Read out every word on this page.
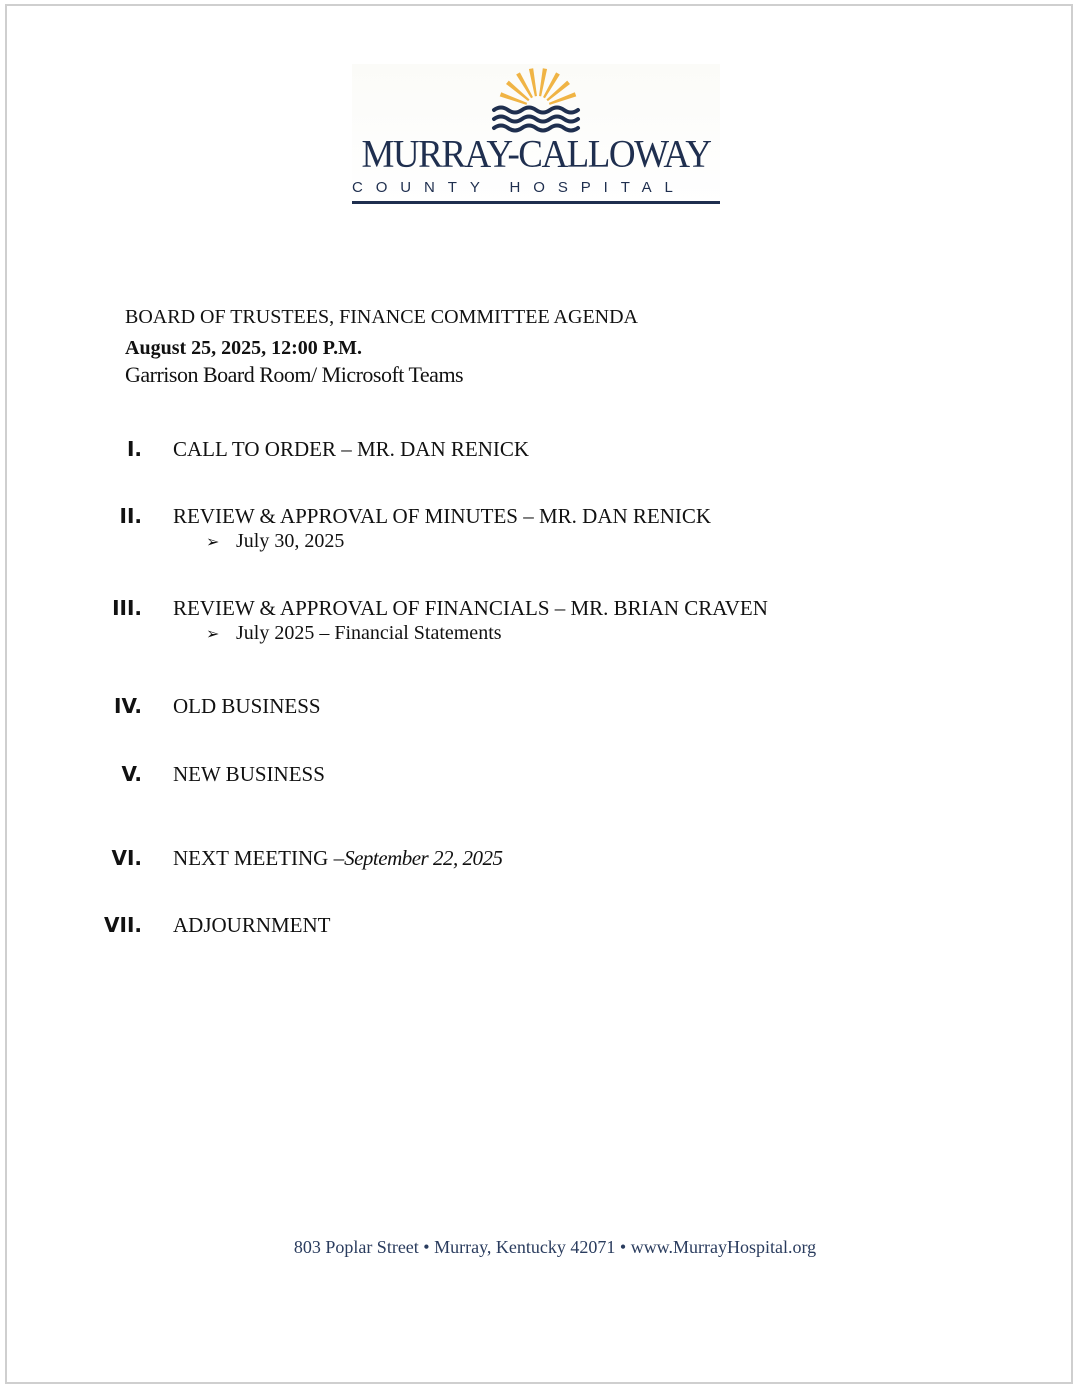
MURRAY-CALLOWAY
COUNTY HOSPITAL
BOARD OF TRUSTEES, FINANCE COMMITTEE AGENDA
August 25, 2025, 12:00 P.M.
Garrison Board Room/ Microsoft Teams
I. CALL TO ORDER – MR. DAN RENICK
II. REVIEW & APPROVAL OF MINUTES – MR. DAN RENICK
➢ July 30, 2025
III. REVIEW & APPROVAL OF FINANCIALS – MR. BRIAN CRAVEN
➢ July 2025 – Financial Statements
IV. OLD BUSINESS
V. NEW BUSINESS
VI. NEXT MEETING –September 22, 2025
VII. ADJOURNMENT
803 Poplar Street • Murray, Kentucky 42071 • www.MurrayHospital.org
